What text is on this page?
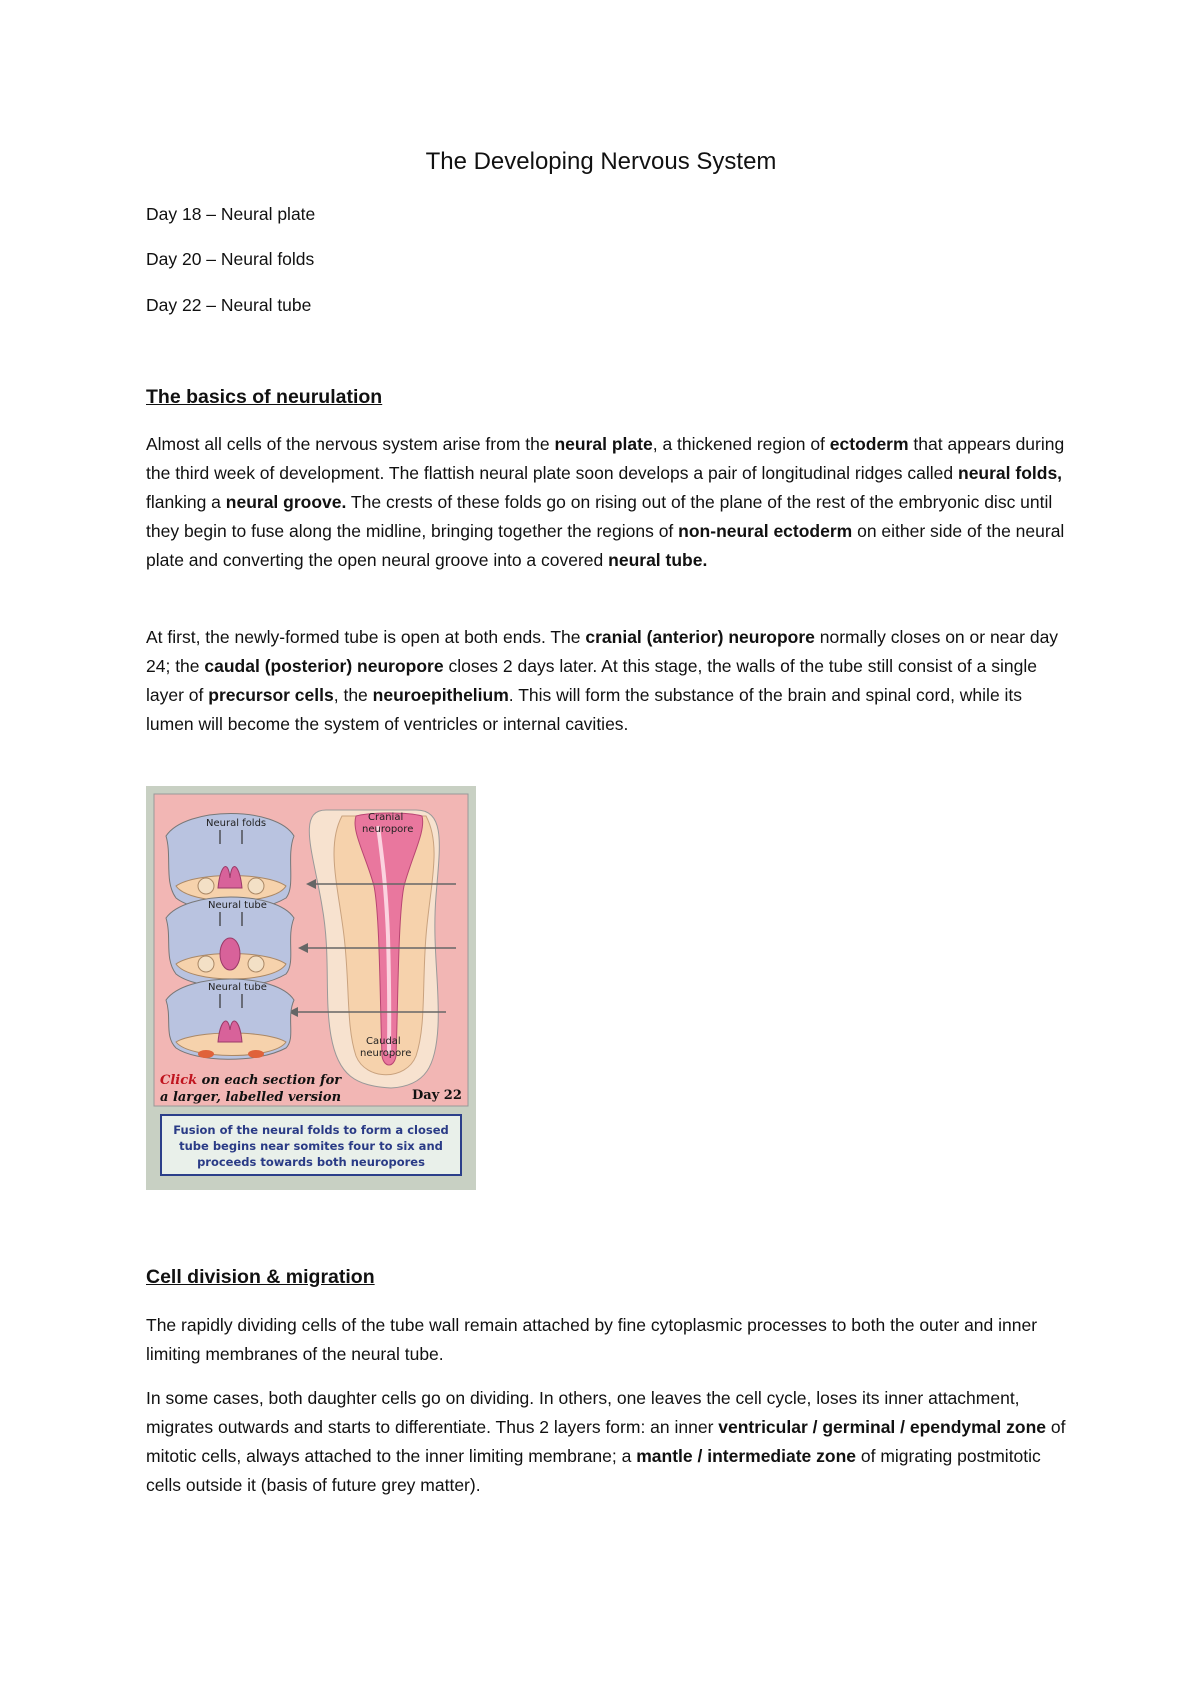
The Developing Nervous System

Day 18 – Neural plate

Day 20 – Neural folds

Day 22 – Neural tube

The basics of neurulation

Almost all cells of the nervous system arise from the neural plate, a thickened region of ectoderm that appears during the third week of development. The flattish neural plate soon develops a pair of longitudinal ridges called neural folds, flanking a neural groove. The crests of these folds go on rising out of the plane of the rest of the embryonic disc until they begin to fuse along the midline, bringing together the regions of non-neural ectoderm on either side of the neural plate and converting the open neural groove into a covered neural tube.

At first, the newly-formed tube is open at both ends. The cranial (anterior) neuropore normally closes on or near day 24; the caudal (posterior) neuropore closes 2 days later. At this stage, the walls of the tube still consist of a single layer of precursor cells, the neuroepithelium. This will form the substance of the brain and spinal cord, while its lumen will become the system of ventricles or internal cavities.

Neural folds
Neural tube
Neural tube
Cranial
neuropore
Caudal
neuropore
Click on each section for
a larger, labelled version	Day 22
Fusion of the neural folds to form a closed tube begins near somites four to six and proceeds towards both neuropores
Cell division & migration

The rapidly dividing cells of the tube wall remain attached by fine cytoplasmic processes to both the outer and inner limiting membranes of the neural tube.

In some cases, both daughter cells go on dividing. In others, one leaves the cell cycle, loses its inner attachment, migrates outwards and starts to differentiate. Thus 2 layers form: an inner ventricular / germinal / ependymal zone of mitotic cells, always attached to the inner limiting membrane; a mantle / intermediate zone of migrating postmitotic cells outside it (basis of future grey matter).
